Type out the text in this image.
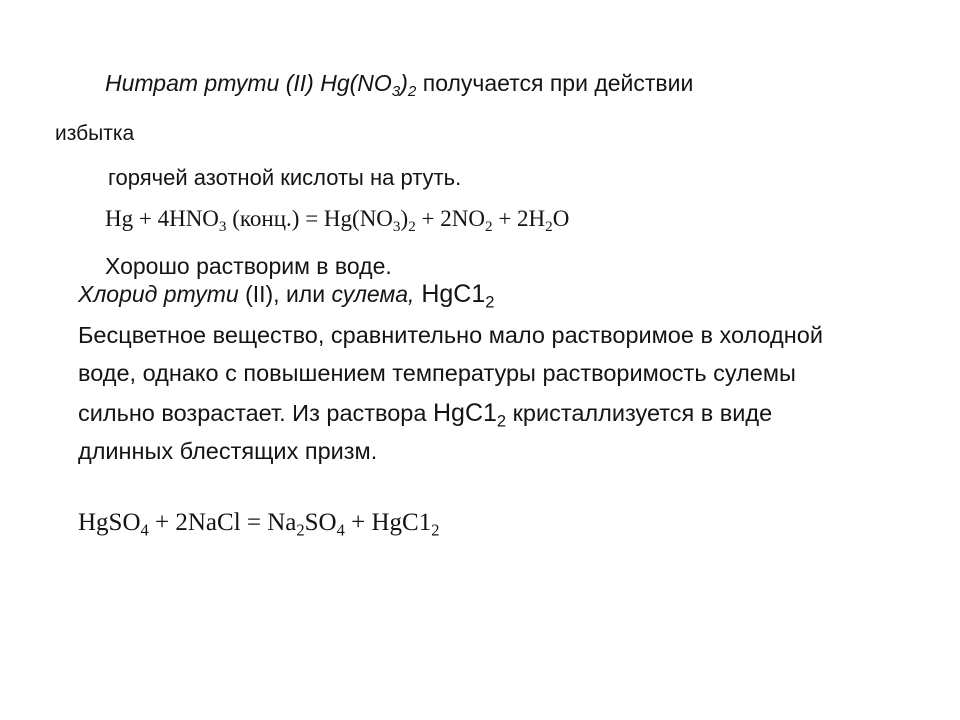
Нитрат ртути (II) $Hg(NO_3)_2$ получается при действии
избытка
горячей азотной кислоты на ртуть.
$Hg + 4HNO_3$ (конц.) = $Hg(NO_3)_2 + 2NO_2 + 2H_2O$
Хорошо растворим в воде.
Хлорид ртути (II), или сулема, $HgC1_2$
Бесцветное вещество, сравнительно мало растворимое в холодной
воде, однако с повышением температуры растворимость сулемы
сильно возрастает. Из раствора $HgC1_2$ кристаллизуется в виде
длинных блестящих призм.
HgSO$_4$ + 2NaCl = $Na_2SO_4 + HgC1_2$
